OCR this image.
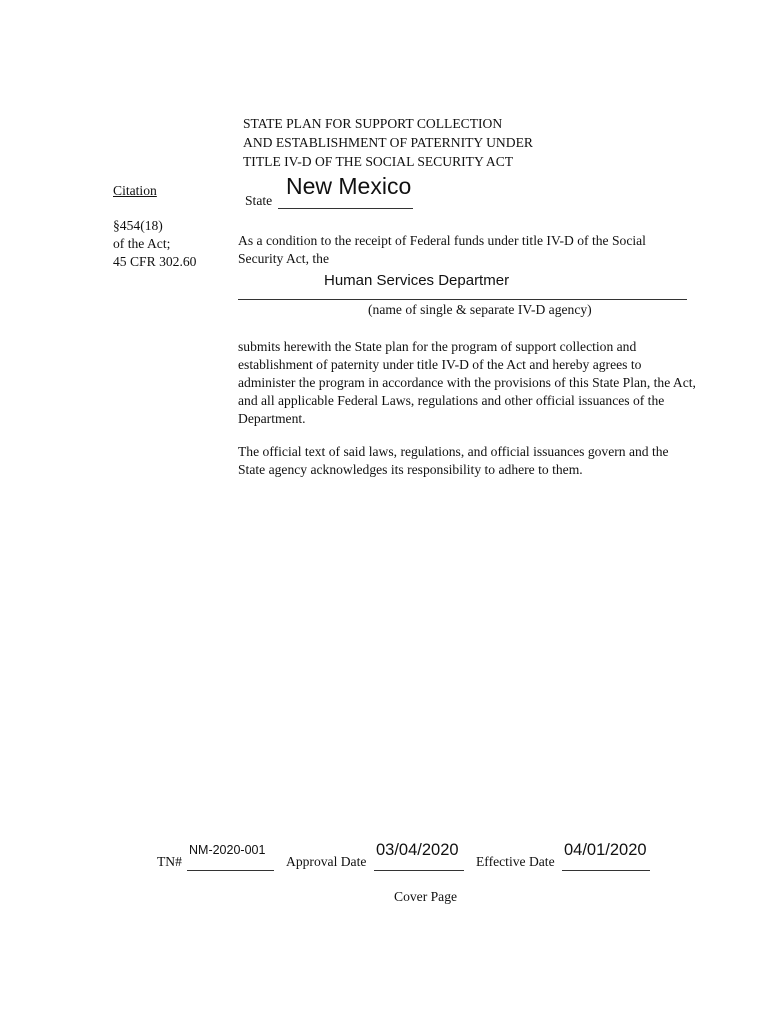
STATE PLAN FOR SUPPORT COLLECTION
AND ESTABLISHMENT OF PATERNITY UNDER
TITLE IV-D OF THE SOCIAL SECURITY ACT
Citation
§454(18)
of the Act;
45 CFR 302.60
State
New Mexico
As a condition to the receipt of Federal funds under title IV-D of the Social Security Act, the
Human Services Departmer
(name of single & separate IV-D agency)
submits herewith the State plan for the program of support collection and establishment of paternity under title IV-D of the Act and hereby agrees to administer the program in accordance with the provisions of this State Plan, the Act, and all applicable Federal Laws, regulations and other official issuances of the Department.
The official text of said laws, regulations, and official issuances govern and the State agency acknowledges its responsibility to adhere to them.
TN#
NM-2020-001
Approval Date
03/04/2020
Effective Date
04/01/2020
Cover Page
